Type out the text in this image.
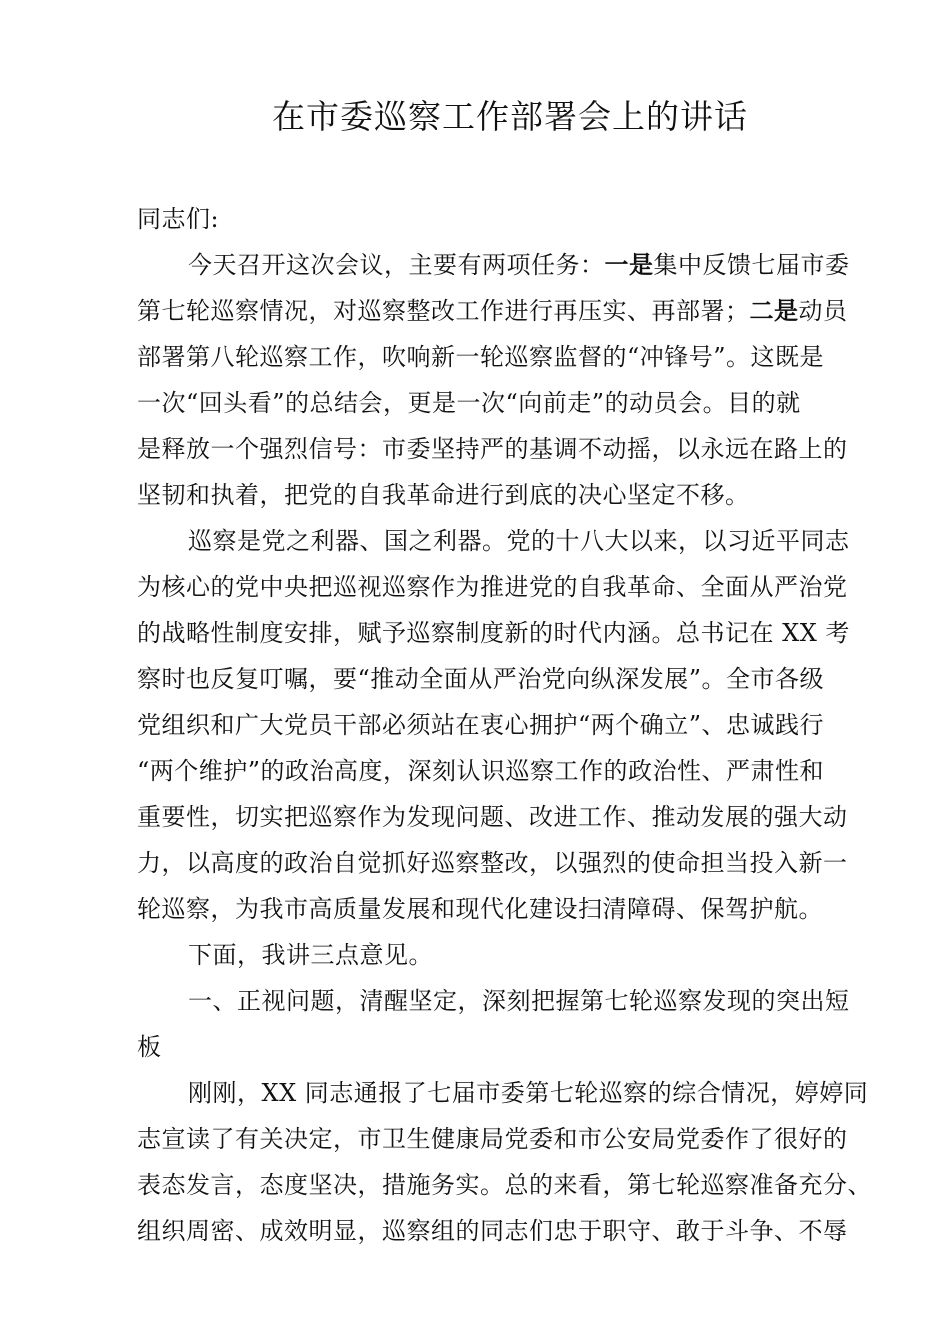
在市委巡察工作部署会上的讲话
同志们:
今天召开这次会议，主要有两项任务：一是集中反馈七届市委
第七轮巡察情况，对巡察整改工作进行再压实、再部署；二是动员
部署第八轮巡察工作，吹响新一轮巡察监督的“冲锋号”。这既是
一次“回头看”的总结会，更是一次“向前走”的动员会。目的就
是释放一个强烈信号：市委坚持严的基调不动摇，以永远在路上的
坚韧和执着，把党的自我革命进行到底的决心坚定不移。
巡察是党之利器、国之利器。党的十八大以来，以习近平同志
为核心的党中央把巡视巡察作为推进党的自我革命、全面从严治党
的战略性制度安排，赋予巡察制度新的时代内涵。总书记在 XX 考
察时也反复叮嘱，要“推动全面从严治党向纵深发展”。全市各级
党组织和广大党员干部必须站在衷心拥护“两个确立”、忠诚践行
“两个维护”的政治高度，深刻认识巡察工作的政治性、严肃性和
重要性，切实把巡察作为发现问题、改进工作、推动发展的强大动
力，以高度的政治自觉抓好巡察整改，以强烈的使命担当投入新一
轮巡察，为我市高质量发展和现代化建设扫清障碍、保驾护航。
下面，我讲三点意见。
一、正视问题，清醒坚定，深刻把握第七轮巡察发现的突出短
板
刚刚，XX 同志通报了七届市委第七轮巡察的综合情况，婷婷同
志宣读了有关决定，市卫生健康局党委和市公安局党委作了很好的
表态发言，态度坚决，措施务实。总的来看，第七轮巡察准备充分、
组织周密、成效明显，巡察组的同志们忠于职守、敢于斗争、不辱
